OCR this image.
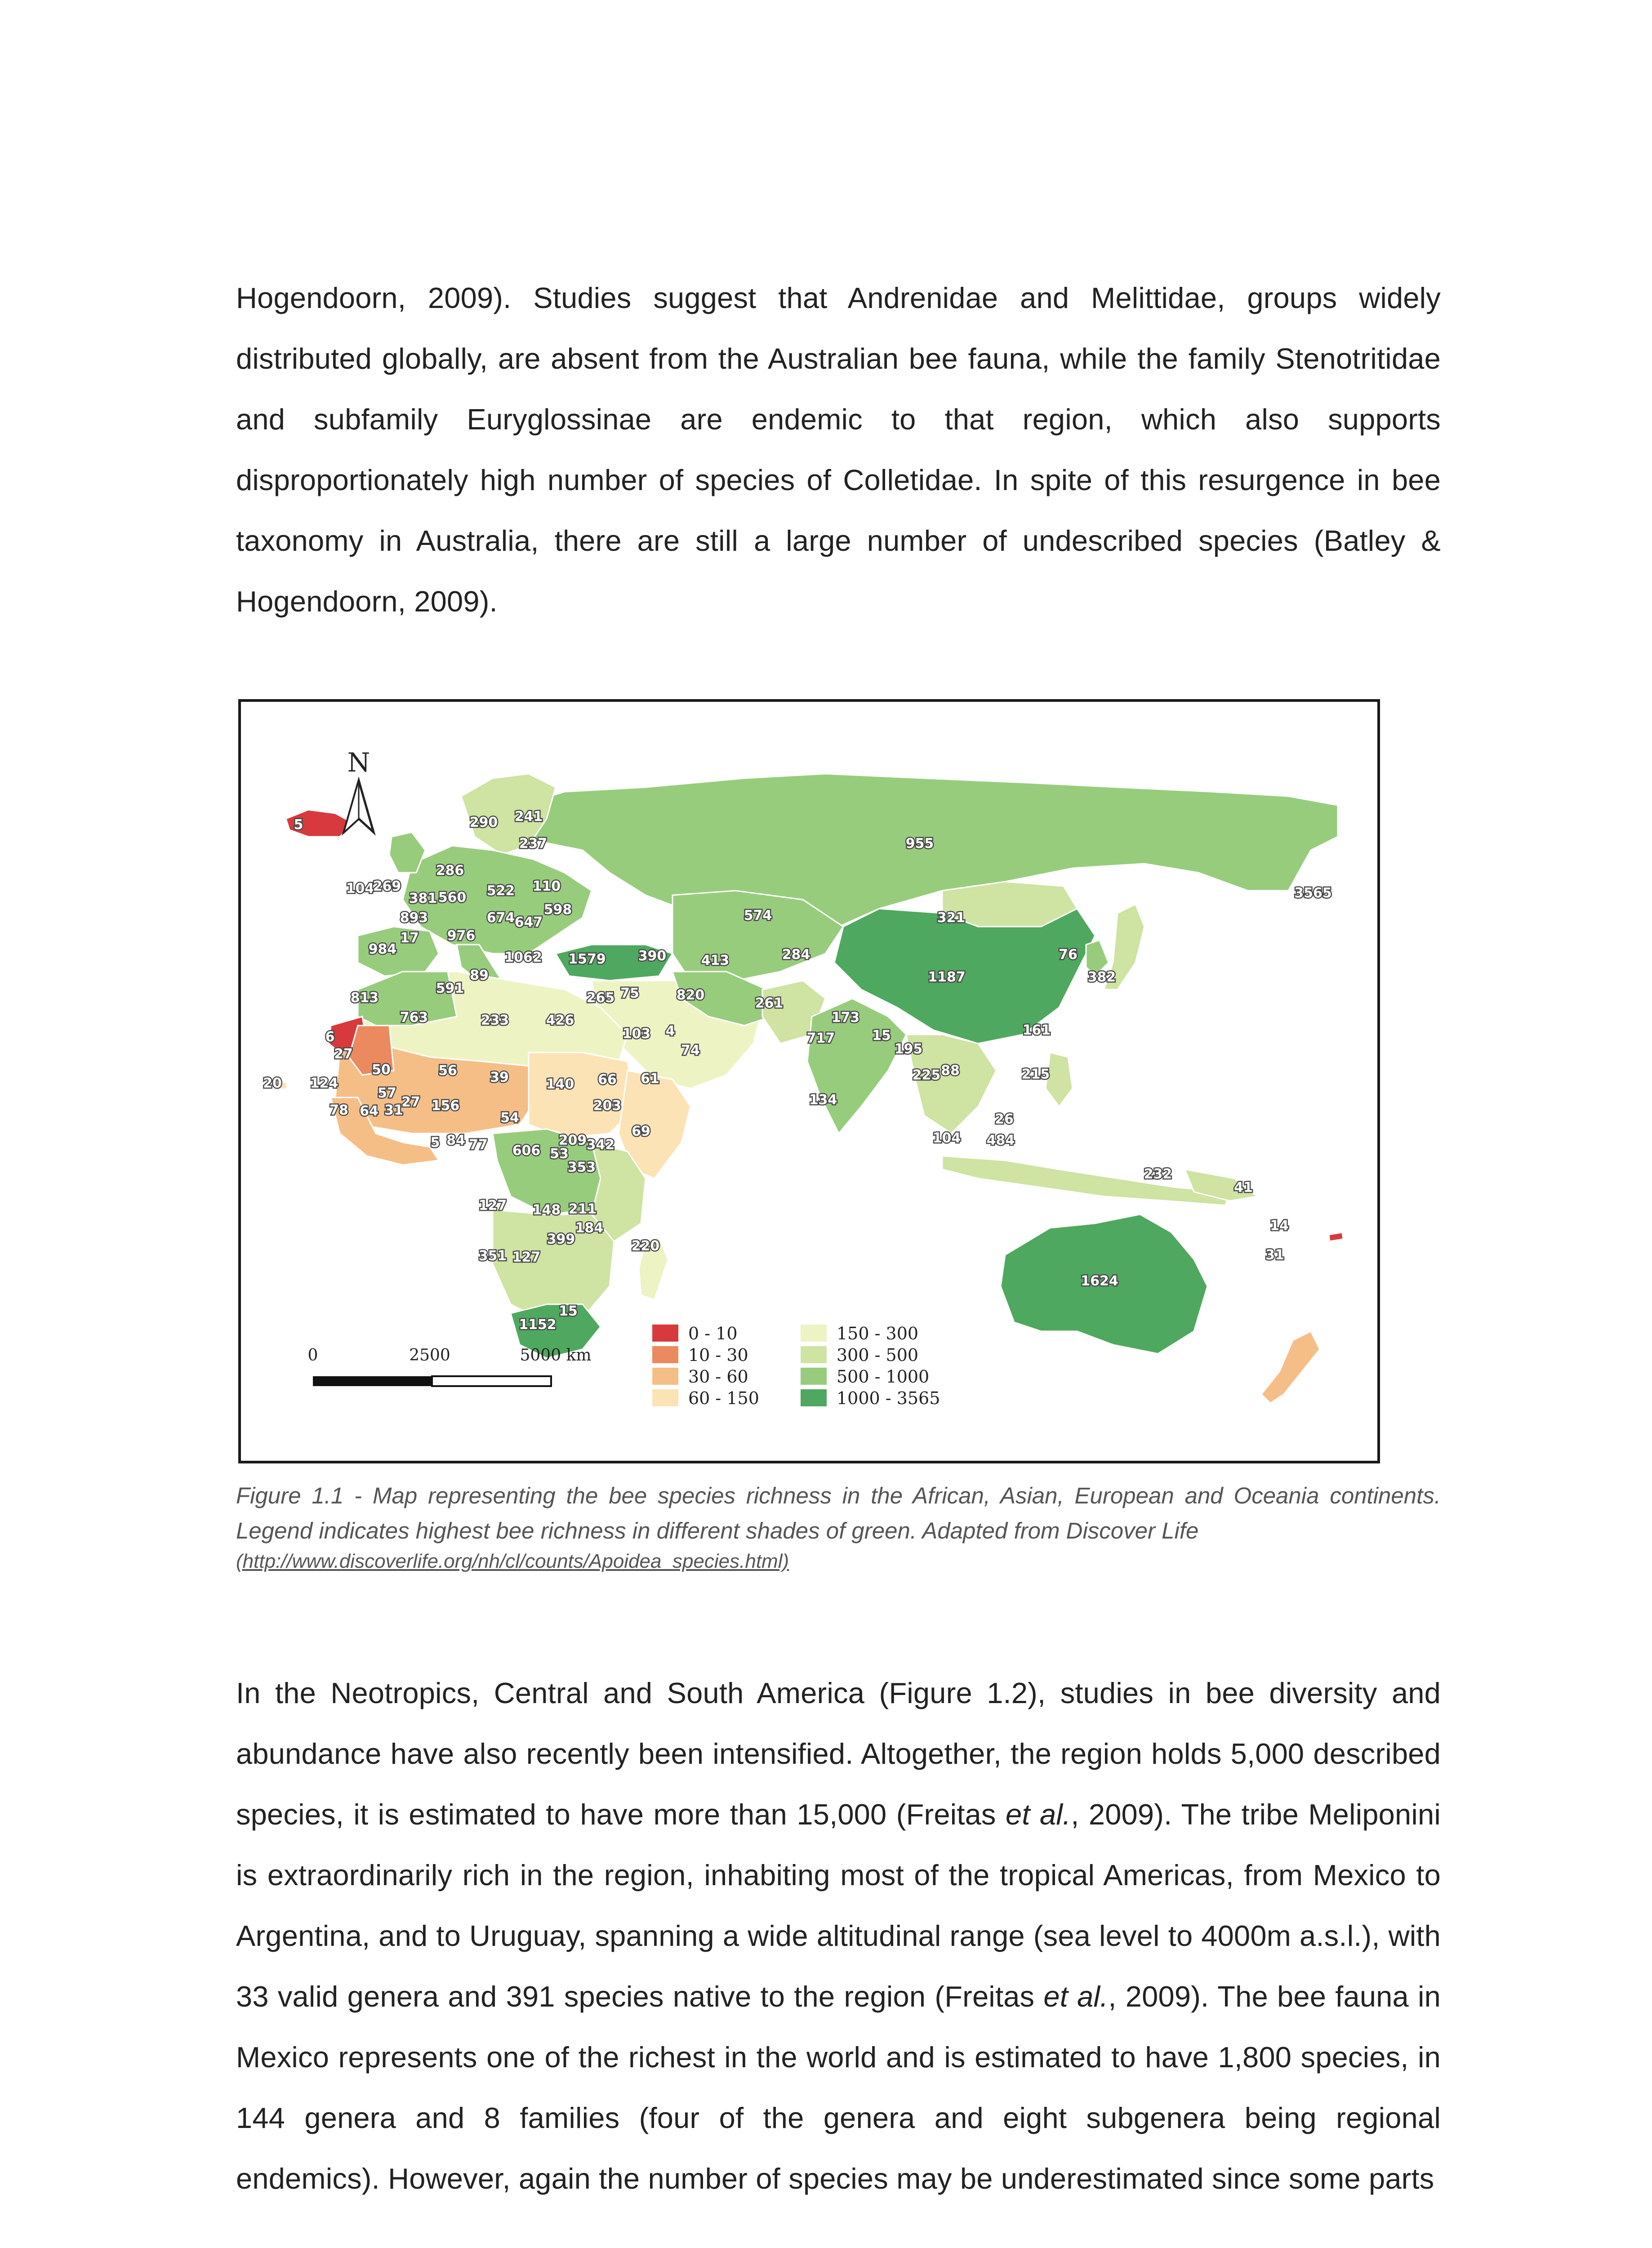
Hogendoorn, 2009). Studies suggest that Andrenidae and Melittidae, groups widely distributed globally, are absent from the Australian bee fauna, while the family Stenotritidae and subfamily Euryglossinae are endemic to that region, which also supports disproportionately high number of species of Colletidae. In spite of this resurgence in bee taxonomy in Australia, there are still a large number of undescribed species (Batley & Hogendoorn, 2009).

N
5	290 241
286
237
104
269
381 560 522 110
893
17 976
674 647
598
984
591
89
1062 1579 390
574
955
321
3565
413	284
820
1187
76
382
813
763	233	426
265 75
103 4
74
261
173
15
717
134
195
225 88
161
215
26
484
104
232
41
14
31
1624
6
27
20
50	56 39	140 66 61
124
57
78 64 31
27 156
54
5 84 77 606
209 342
53
353
203
69
127 148 211
184
399
351 127
220
1152
15
0	2500	5000 km
0 - 10
10 - 30
30 - 60
60 - 150
150 - 300
300 - 500
500 - 1000
1000 - 3565

Figure 1.1 - Map representing the bee species richness in the African, Asian, European and Oceania continents. Legend indicates highest bee richness in different shades of green. Adapted from Discover Life

(http://www.discoverlife.org/nh/cl/counts/Apoidea_species.html)

In the Neotropics, Central and South America (Figure 1.2), studies in bee diversity and abundance have also recently been intensified. Altogether, the region holds 5,000 described species, it is estimated to have more than 15,000 (Freitas et al., 2009). The tribe Meliponini is extraordinarily rich in the region, inhabiting most of the tropical Americas, from Mexico to Argentina, and to Uruguay, spanning a wide altitudinal range (sea level to 4000m a.s.l.), with 33 valid genera and 391 species native to the region (Freitas et al., 2009). The bee fauna in Mexico represents one of the richest in the world and is estimated to have 1,800 species, in 144 genera and 8 families (four of the genera and eight subgenera being regional endemics). However, again the number of species may be underestimated since some parts
